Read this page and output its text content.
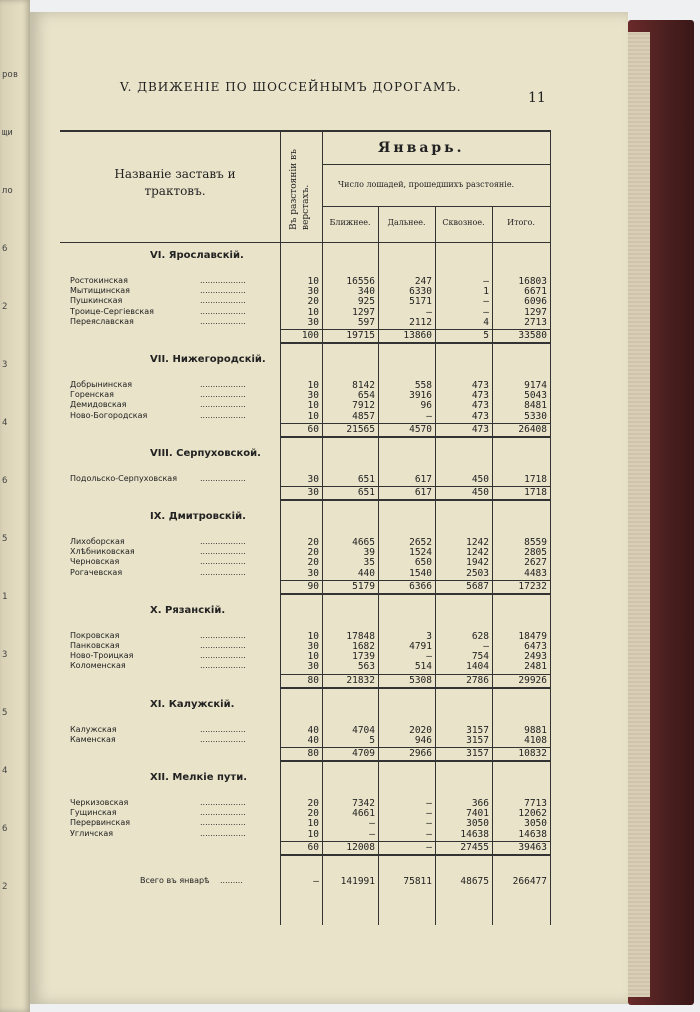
ров
щи
ло
6
2
3
4
6
5
1
3
5
4
6
2
V. ДВИЖЕНІЕ ПО ШОССЕЙНЫМЪ ДОРОГАМЪ.
11
Названіе заставъ и трактовъ.	Въ разстояніи въ верстахъ.
Январь.
Число лошадей, прошедшихъ разстояніе.
Ближнее.	Дальнее.	Сквозное.	Итого.
VI. Ярославскій.
Ростокинская	..................	10	16556	247	—	16803
Мытищинская	..................	30	340	6330	1	6671
Пушкинская	..................	20	925	5171	—	6096
Троице-Сергіевская	..................	10	1297	—	—	1297
Переяславская	..................	30	597	2112	4	2713
100	19715	13860	5	33580
VII. Нижегородскій.
Добрынинская	..................	10	8142	558	473	9174
Горенская	..................	30	654	3916	473	5043
Демидовская	..................	10	7912	96	473	8481
Ново-Богородская	..................	10	4857	—	473	5330
60	21565	4570	473	26408
VIII. Серпуховской.
Подольско-Серпуховская	..................	30	651	617	450	1718
30	651	617	450	1718
IX. Дмитровскій.
Лихоборская	..................	20	4665	2652	1242	8559
Хлѣбниковская	..................	20	39	1524	1242	2805
Черновская	..................	20	35	650	1942	2627
Рогачевская	..................	30	440	1540	2503	4483
90	5179	6366	5687	17232
X. Рязанскій.
Покровская	..................	10	17848	3	628	18479
Панковская	..................	30	1682	4791	—	6473
Ново-Троицкая	..................	10	1739	—	754	2493
Коломенская	..................	30	563	514	1404	2481
80	21832	5308	2786	29926
XI. Калужскій.
Калужская	..................	40	4704	2020	3157	9881
Каменская	..................	40	5	946	3157	4108
80	4709	2966	3157	10832
XII. Мелкіе пути.
Черкизовская	..................	20	7342	—	366	7713
Гущинская	..................	20	4661	—	7401	12062
Перервинская	..................	10	—	—	3050	3050
Угличская	..................	10	—	—	14638	14638
60	12008	—	27455	39463
Всего въ январѣ .........	—	141991	75811	48675	266477
